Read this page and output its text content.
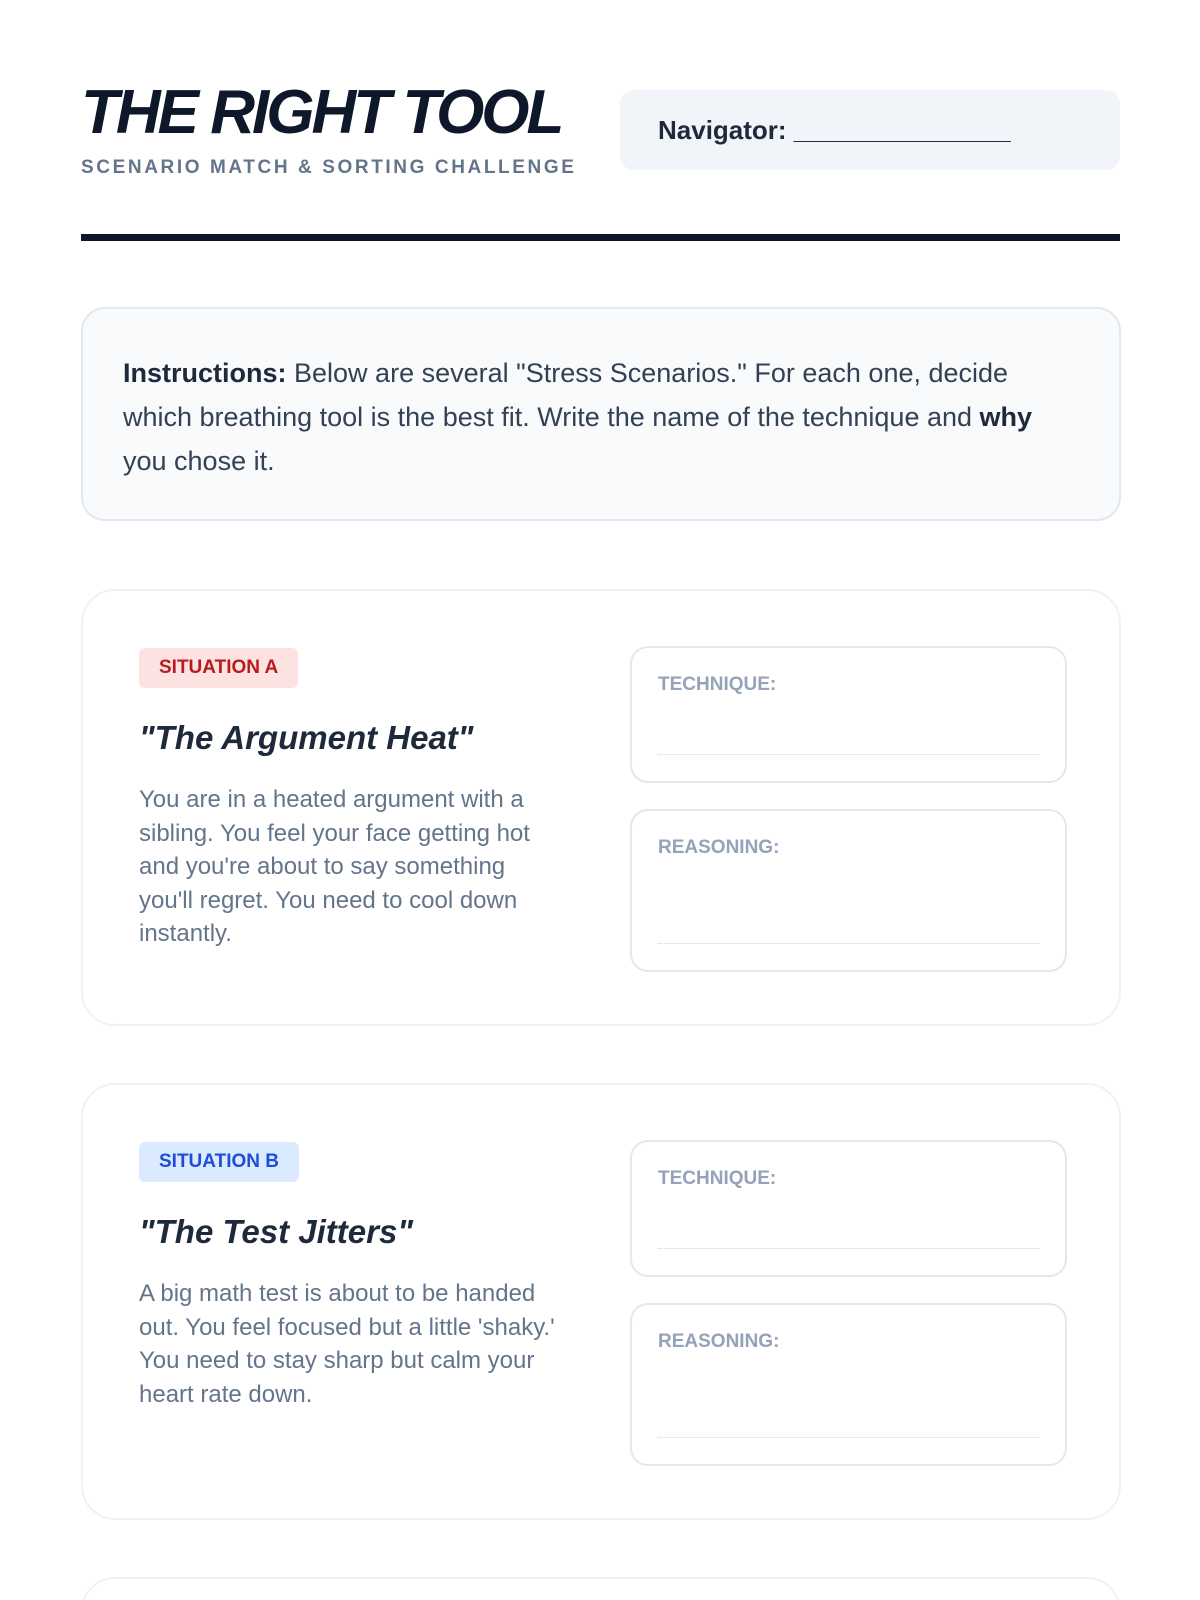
THE RIGHT TOOL
SCENARIO MATCH & SORTING CHALLENGE
Navigator: _______________
Instructions: Below are several "Stress Scenarios." For each one, decide which breathing tool is the best fit. Write the name of the technique and why you chose it.
SITUATION A
"The Argument Heat"
You are in a heated argument with a sibling. You feel your face getting hot and you're about to say something you'll regret. You need to cool down instantly.
TECHNIQUE:
REASONING:
SITUATION B
"The Test Jitters"
A big math test is about to be handed out. You feel focused but a little 'shaky.' You need to stay sharp but calm your heart rate down.
TECHNIQUE:
REASONING:
